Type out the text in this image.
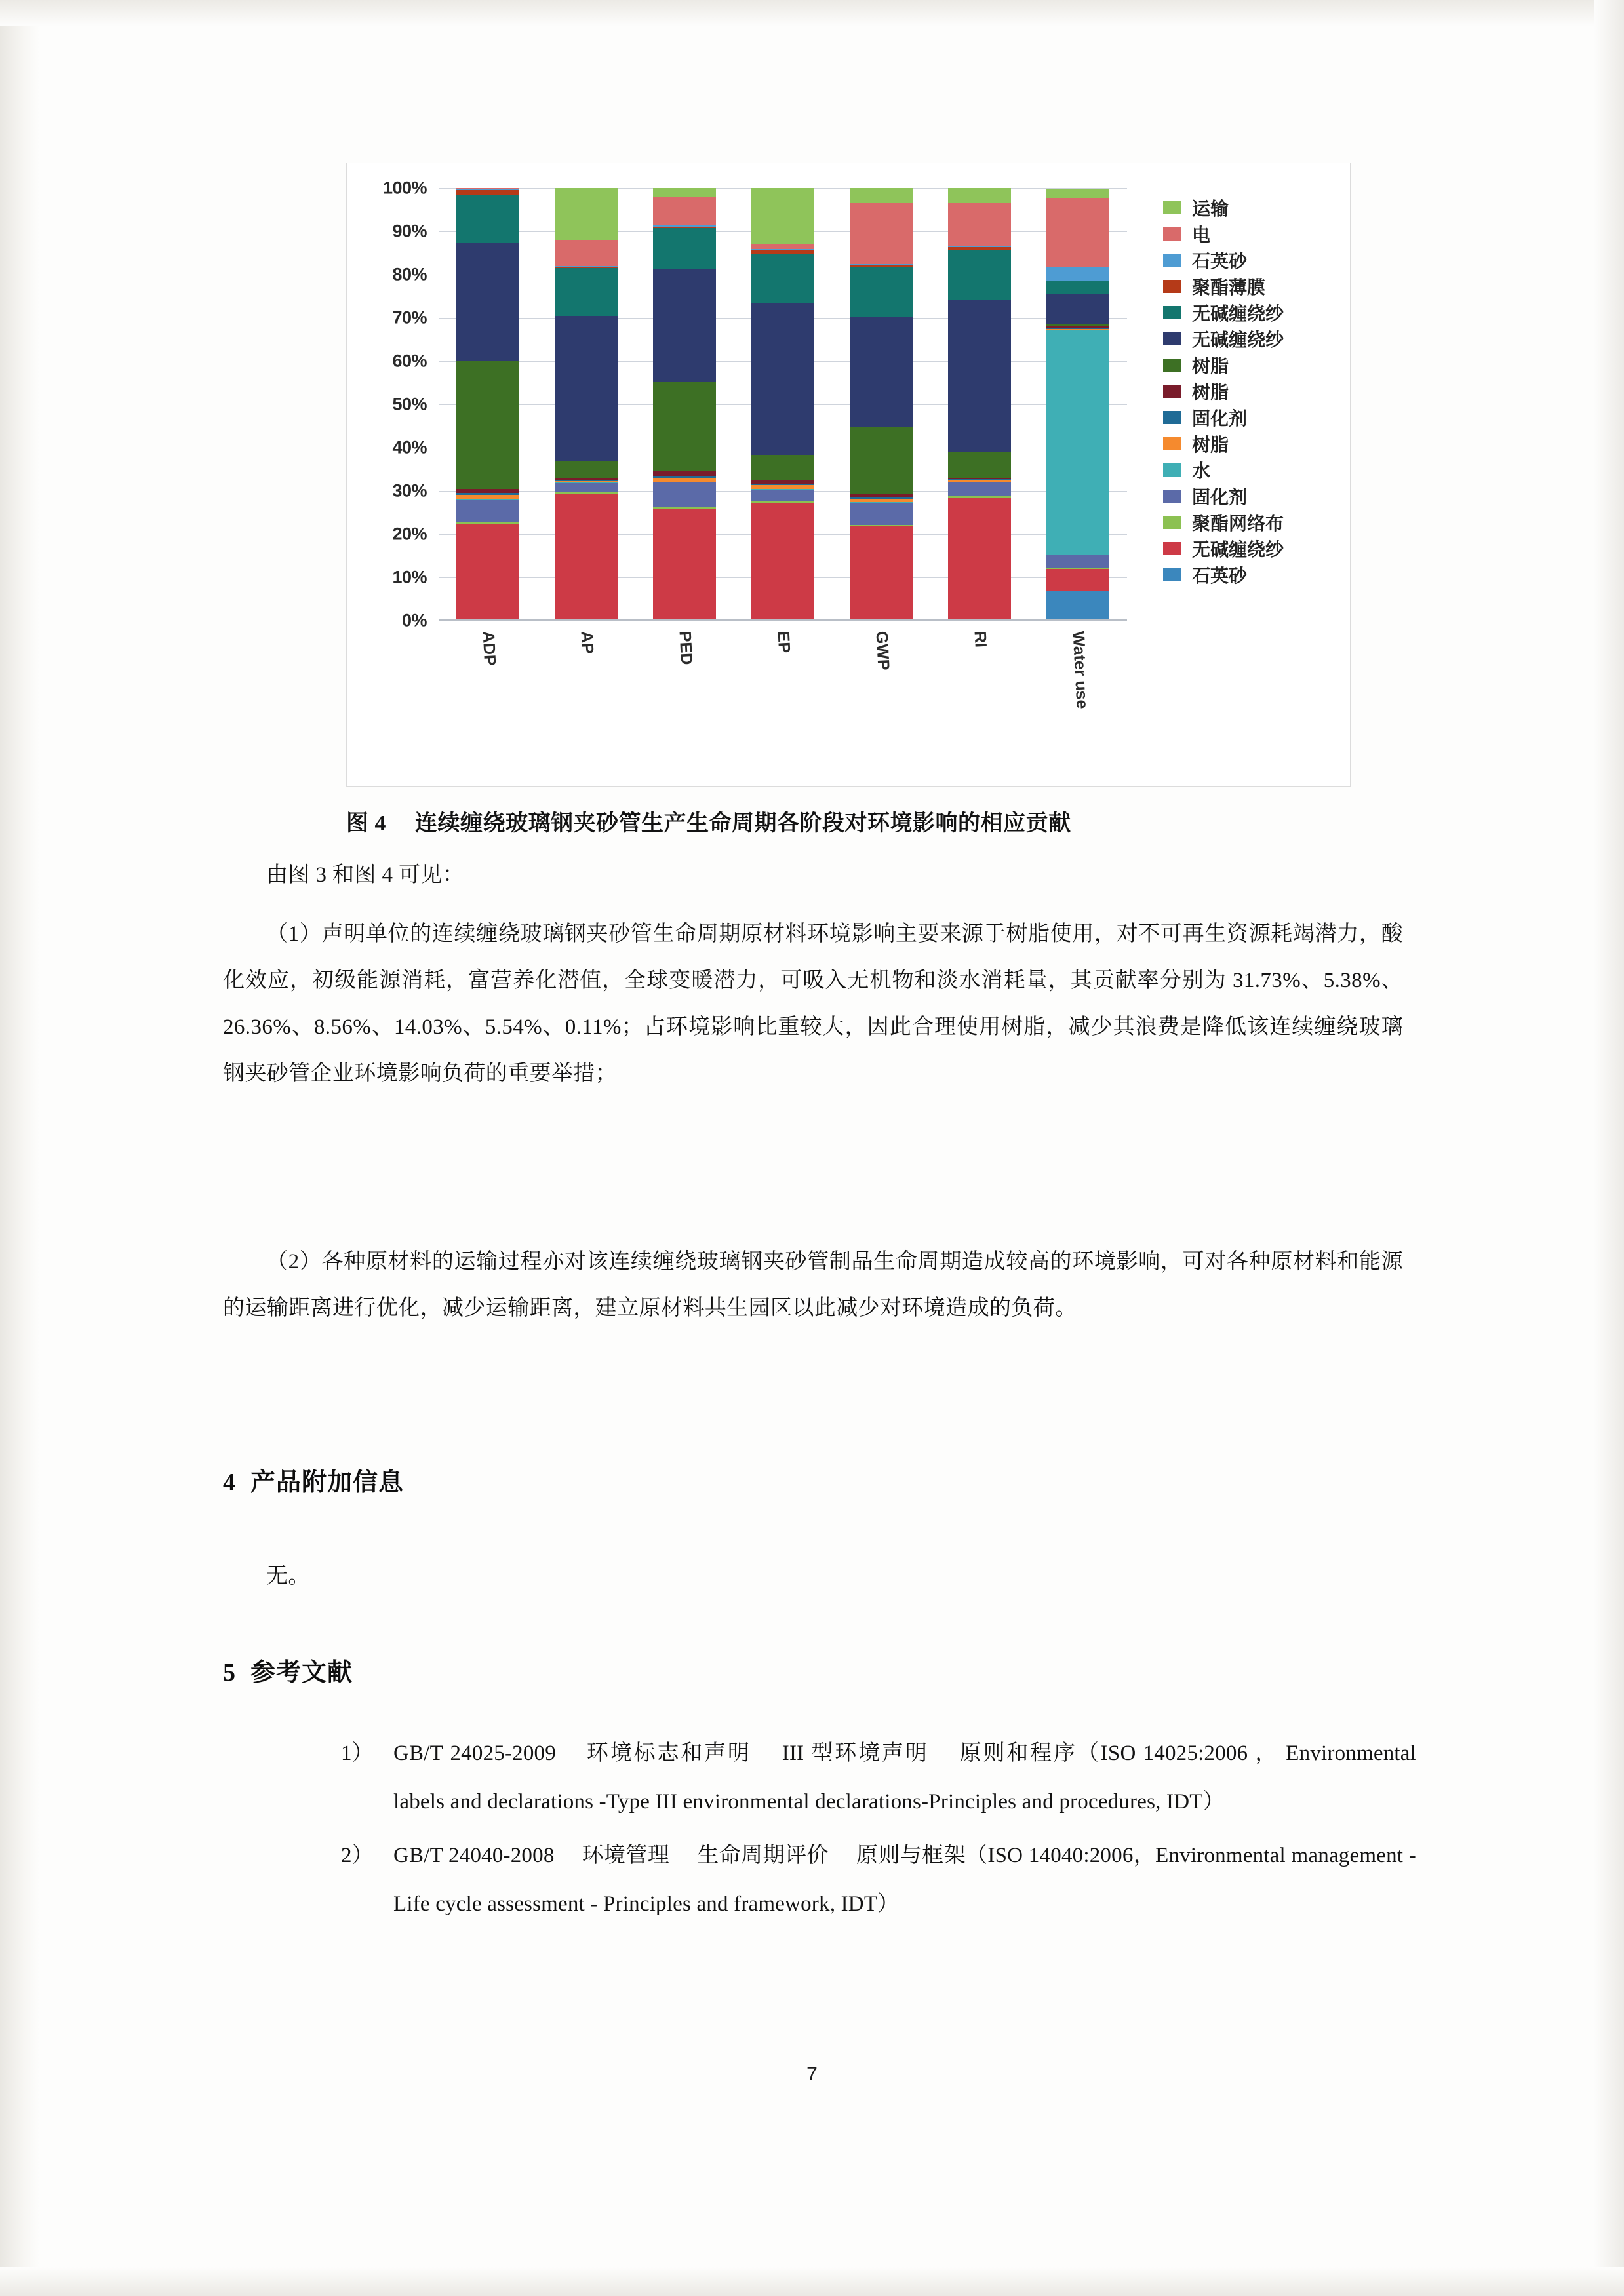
100%
90%
80%
70%
60%
50%
40%
30%
20%
10%
0%
ADP	AP	PED	EP	GWP	RI	Water use
运输
电
石英砂
聚酯薄膜
无碱缠绕纱
无碱缠绕纱
树脂
树脂
固化剂
树脂
水
固化剂
聚酯网络布
无碱缠绕纱
石英砂
图 4 连续缠绕玻璃钢夹砂管生产生命周期各阶段对环境影响的相应贡献
由图 3 和图 4 可见：
（1）声明单位的连续缠绕玻璃钢夹砂管生命周期原材料环境影响主要来源于树脂使用，对不可再生资源耗竭潜力，酸化效应，初级能源消耗，富营养化潜值，全球变暖潜力，可吸入无机物和淡水消耗量，其贡献率分别为 31.73%、5.38%、26.36%、8.56%、14.03%、5.54%、0.11%；占环境影响比重较大，因此合理使用树脂，减少其浪费是降低该连续缠绕玻璃钢夹砂管企业环境影响负荷的重要举措；
（2）各种原材料的运输过程亦对该连续缠绕玻璃钢夹砂管制品生命周期造成较高的环境影响，可对各种原材料和能源的运输距离进行优化，减少运输距离，建立原材料共生园区以此减少对环境造成的负荷。
4 产品附加信息
无。
5 参考文献
1） GB/T 24025-2009 　环境标志和声明　 III 型环境声明　 原则和程序（ISO 14025:2006 ， Environmental labels and declarations -Type III environmental declarations-Principles and procedures, IDT）
2） GB/T 24040-2008 　环境管理　 生命周期评价　 原则与框架（ISO 14040:2006，Environmental management -Life cycle assessment - Principles and framework, IDT）
7
